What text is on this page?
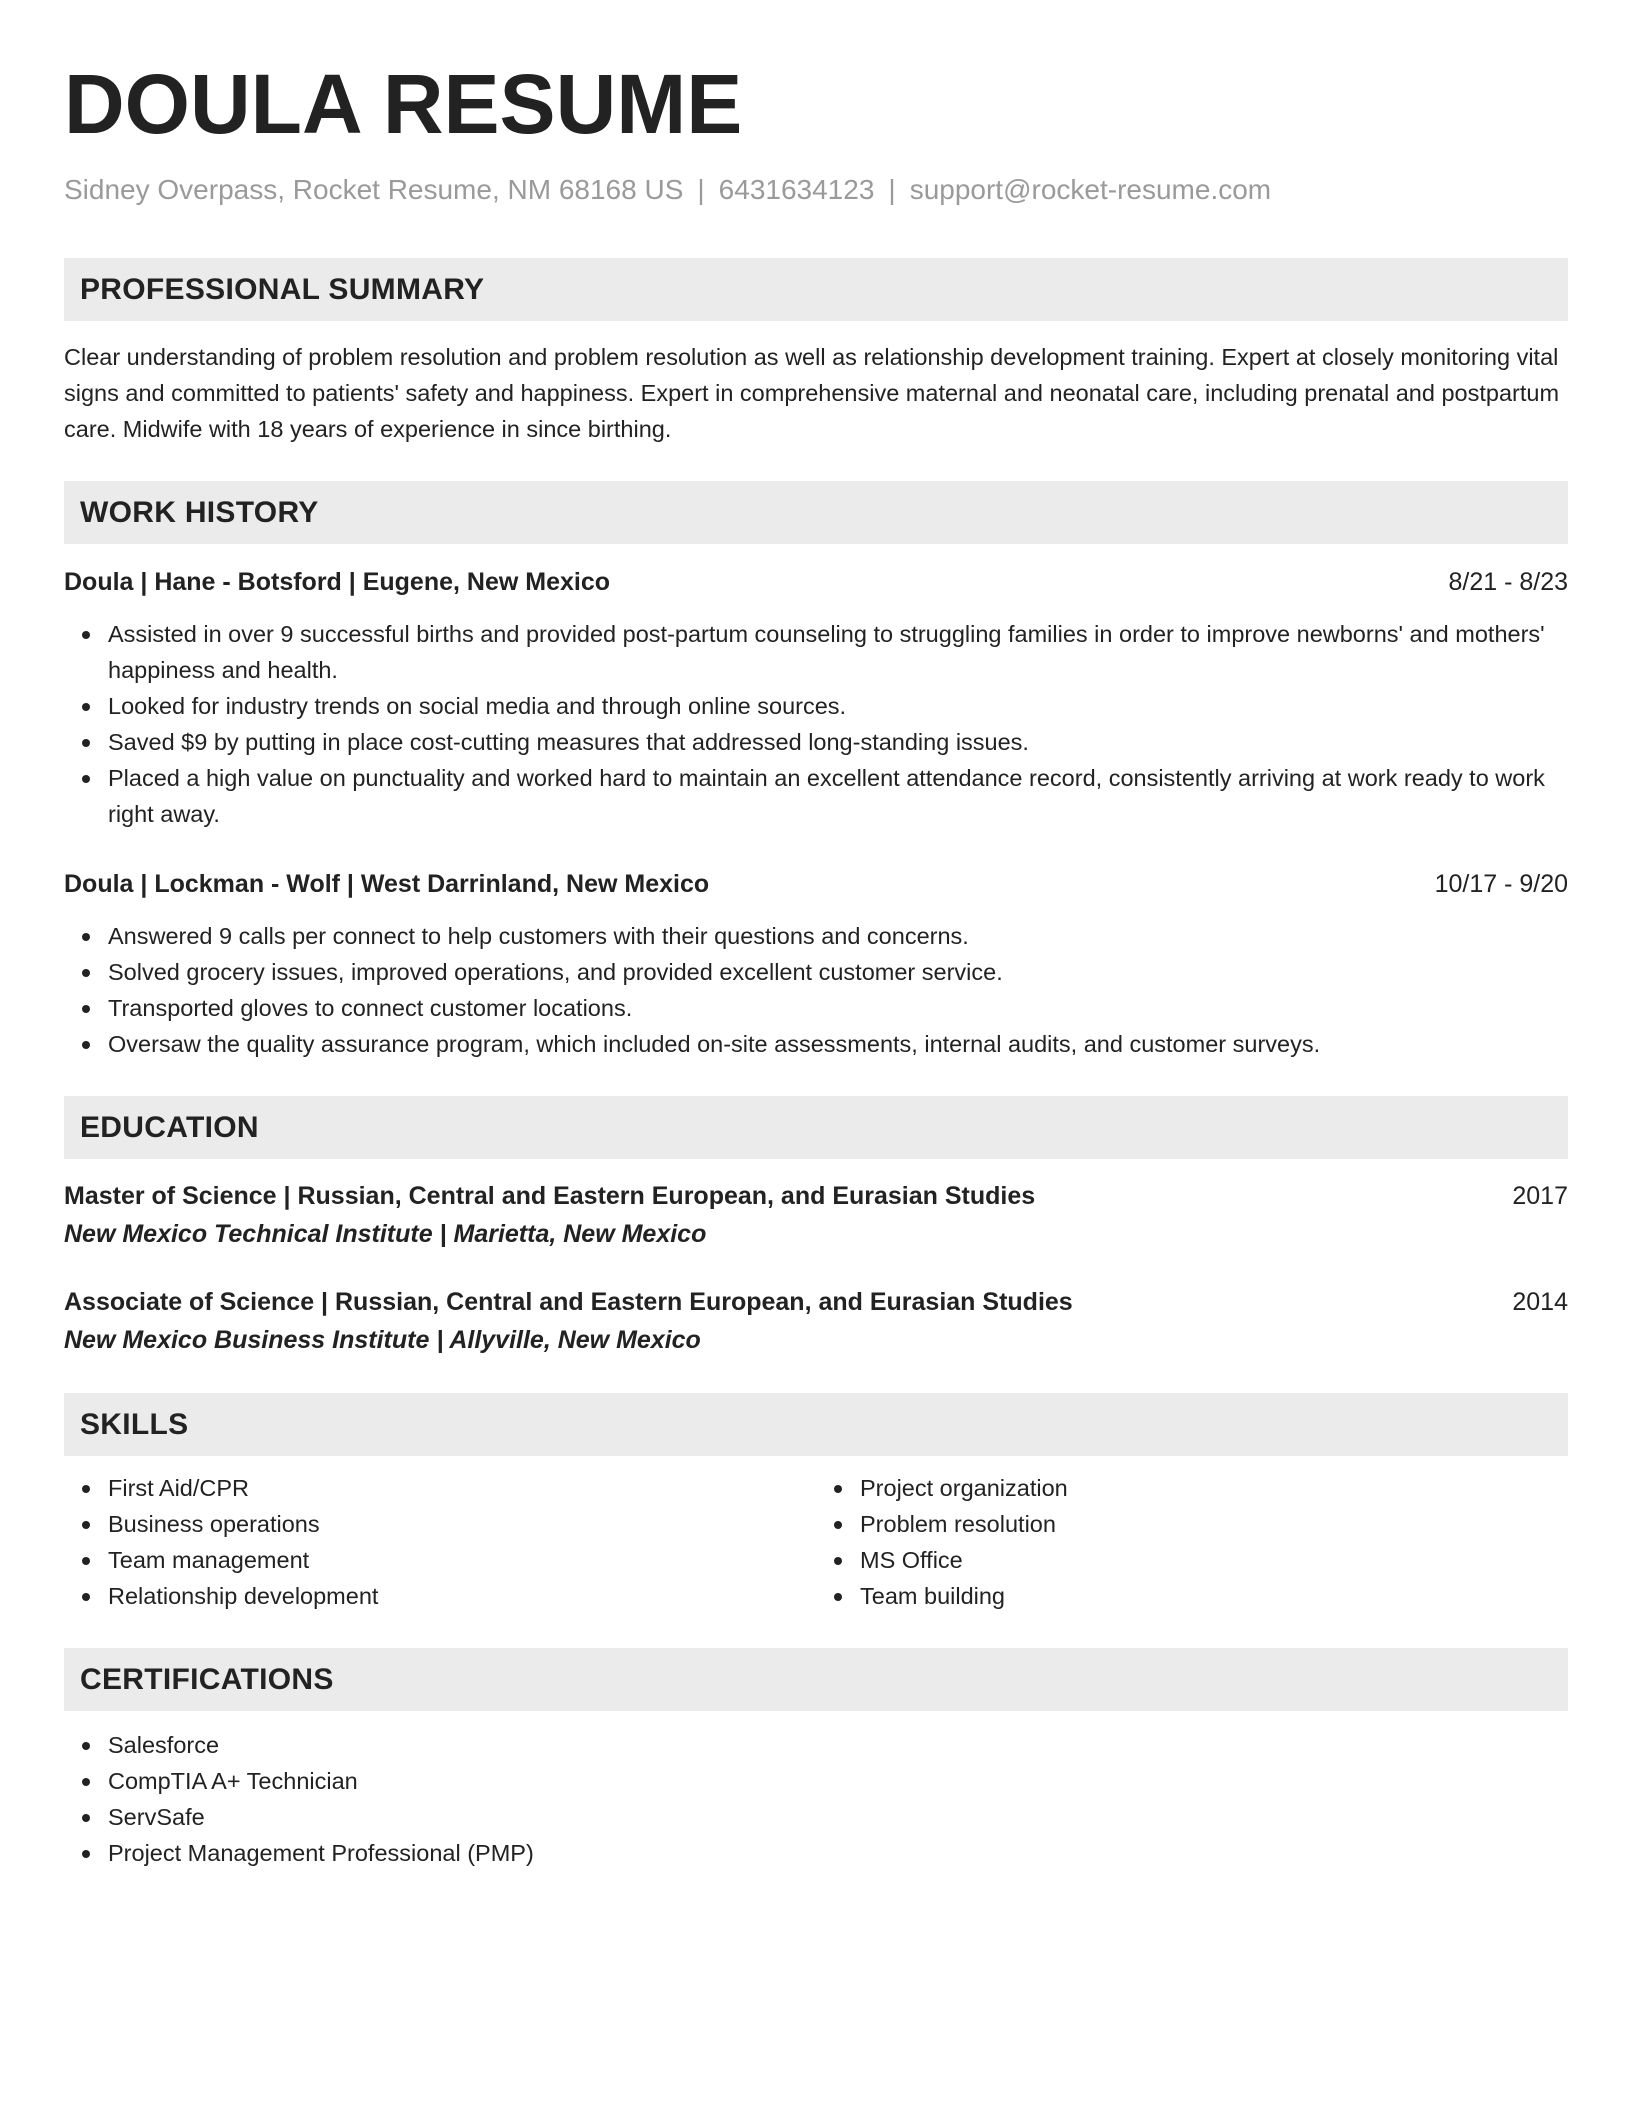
DOULA RESUME
Sidney Overpass, Rocket Resume, NM 68168 US | 6431634123 | support@rocket-resume.com
PROFESSIONAL SUMMARY

Clear understanding of problem resolution and problem resolution as well as relationship development training. Expert at closely monitoring vital signs and committed to patients' safety and happiness. Expert in comprehensive maternal and neonatal care, including prenatal and postpartum care. Midwife with 18 years of experience in since birthing.

WORK HISTORY
Doula | Hane - Botsford | Eugene, New Mexico	8/21 - 8/23
Assisted in over 9 successful births and provided post-partum counseling to struggling families in order to improve newborns' and mothers' happiness and health.
Looked for industry trends on social media and through online sources.
Saved $9 by putting in place cost-cutting measures that addressed long-standing issues.
Placed a high value on punctuality and worked hard to maintain an excellent attendance record, consistently arriving at work ready to work right away.
Doula | Lockman - Wolf | West Darrinland, New Mexico	10/17 - 9/20
Answered 9 calls per connect to help customers with their questions and concerns.
Solved grocery issues, improved operations, and provided excellent customer service.
Transported gloves to connect customer locations.
Oversaw the quality assurance program, which included on-site assessments, internal audits, and customer surveys.
EDUCATION
Master of Science | Russian, Central and Eastern European, and Eurasian Studies	2017
New Mexico Technical Institute | Marietta, New Mexico
Associate of Science | Russian, Central and Eastern European, and Eurasian Studies	2014
New Mexico Business Institute | Allyville, New Mexico
SKILLS
First Aid/CPR
Business operations
Team management
Relationship development
Project organization
Problem resolution
MS Office
Team building
CERTIFICATIONS
Salesforce
CompTIA A+ Technician
ServSafe
Project Management Professional (PMP)
